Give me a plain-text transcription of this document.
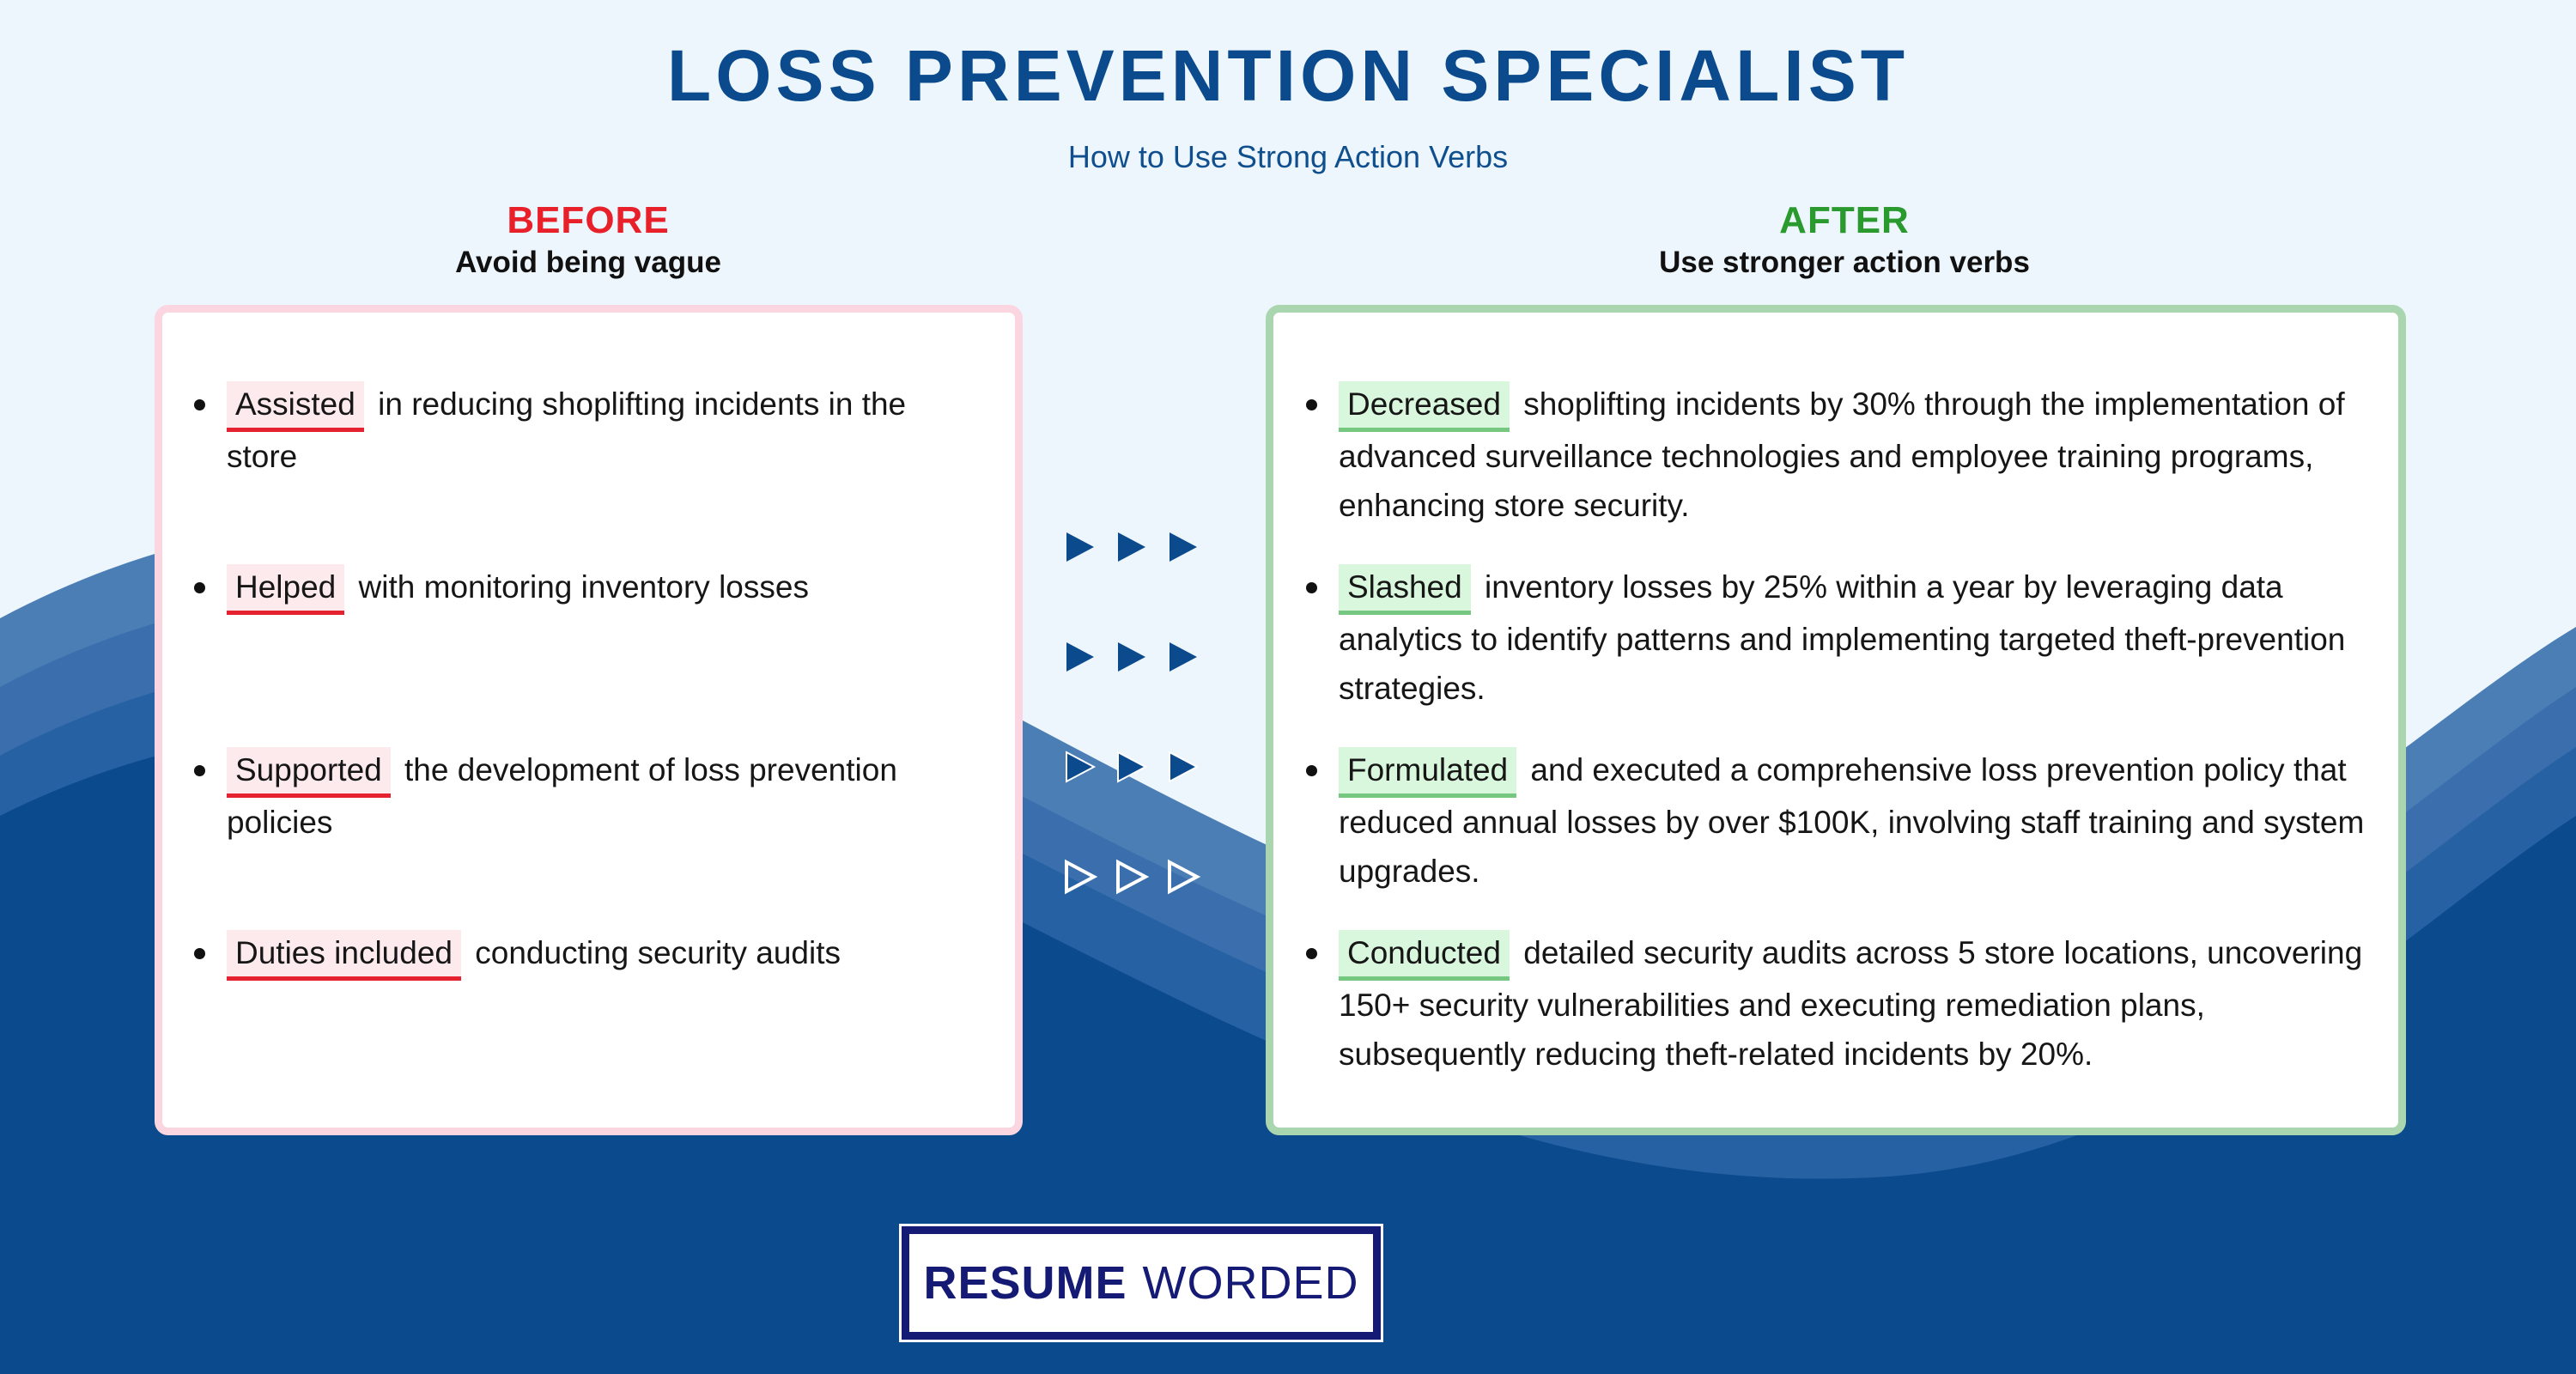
LOSS PREVENTION SPECIALIST
How to Use Strong Action Verbs
BEFORE
Avoid being vague
AFTER
Use stronger action verbs
Assisted in reducing shoplifting incidents in the store
Helped with monitoring inventory losses
Supported the development of loss prevention policies
Duties included conducting security audits
Decreased shoplifting incidents by 30% through the implementation of advanced surveillance technologies and employee training programs, enhancing store security.
Slashed inventory losses by 25% within a year by leveraging data analytics to identify patterns and implementing targeted theft-prevention strategies.
Formulated and executed a comprehensive loss prevention policy that reduced annual losses by over $100K, involving staff training and system upgrades.
Conducted detailed security audits across 5 store locations, uncovering 150+ security vulnerabilities and executing remediation plans, subsequently reducing theft-related incidents by 20%.
RESUME WORDED
